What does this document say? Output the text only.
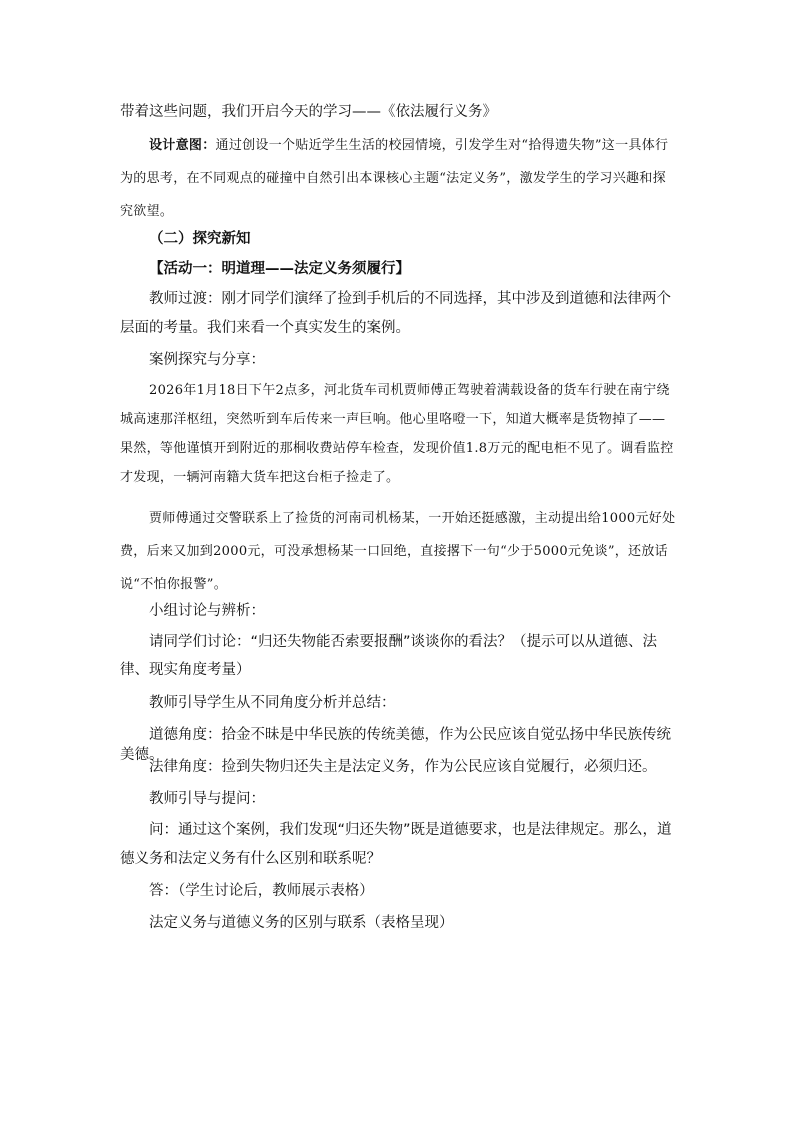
带着这些问题，我们开启今天的学习——《依法履行义务》

设计意图：通过创设一个贴近学生生活的校园情境，引发学生对“拾得遗失物”这一具体行为的思考，在不同观点的碰撞中自然引出本课核心主题“法定义务”，激发学生的学习兴趣和探究欲望。

（二）探究新知

【活动一：明道理——法定义务须履行】

教师过渡：刚才同学们演绎了捡到手机后的不同选择，其中涉及到道德和法律两个层面的考量。我们来看一个真实发生的案例。

案例探究与分享：

2026年1月18日下午2点多，河北货车司机贾师傅正驾驶着满载设备的货车行驶在南宁绕城高速那洋枢纽，突然听到车后传来一声巨响。他心里咯噔一下，知道大概率是货物掉了——果然，等他谨慎开到附近的那桐收费站停车检查，发现价值1.8万元的配电柜不见了。调看监控才发现，一辆河南籍大货车把这台柜子捡走了。

贾师傅通过交警联系上了捡货的河南司机杨某，一开始还挺感激，主动提出给1000元好处费，后来又加到2000元，可没承想杨某一口回绝，直接撂下一句“少于5000元免谈”，还放话说“不怕你报警”。

小组讨论与辨析：

请同学们讨论：“归还失物能否索要报酬”谈谈你的看法？（提示可以从道德、法律、现实角度考量）

教师引导学生从不同角度分析并总结：

道德角度：拾金不昧是中华民族的传统美德，作为公民应该自觉弘扬中华民族传统美德。

法律角度：捡到失物归还失主是法定义务，作为公民应该自觉履行，必须归还。

教师引导与提问：

问：通过这个案例，我们发现“归还失物”既是道德要求，也是法律规定。那么，道德义务和法定义务有什么区别和联系呢？

答：（学生讨论后，教师展示表格）

法定义务与道德义务的区别与联系（表格呈现）
